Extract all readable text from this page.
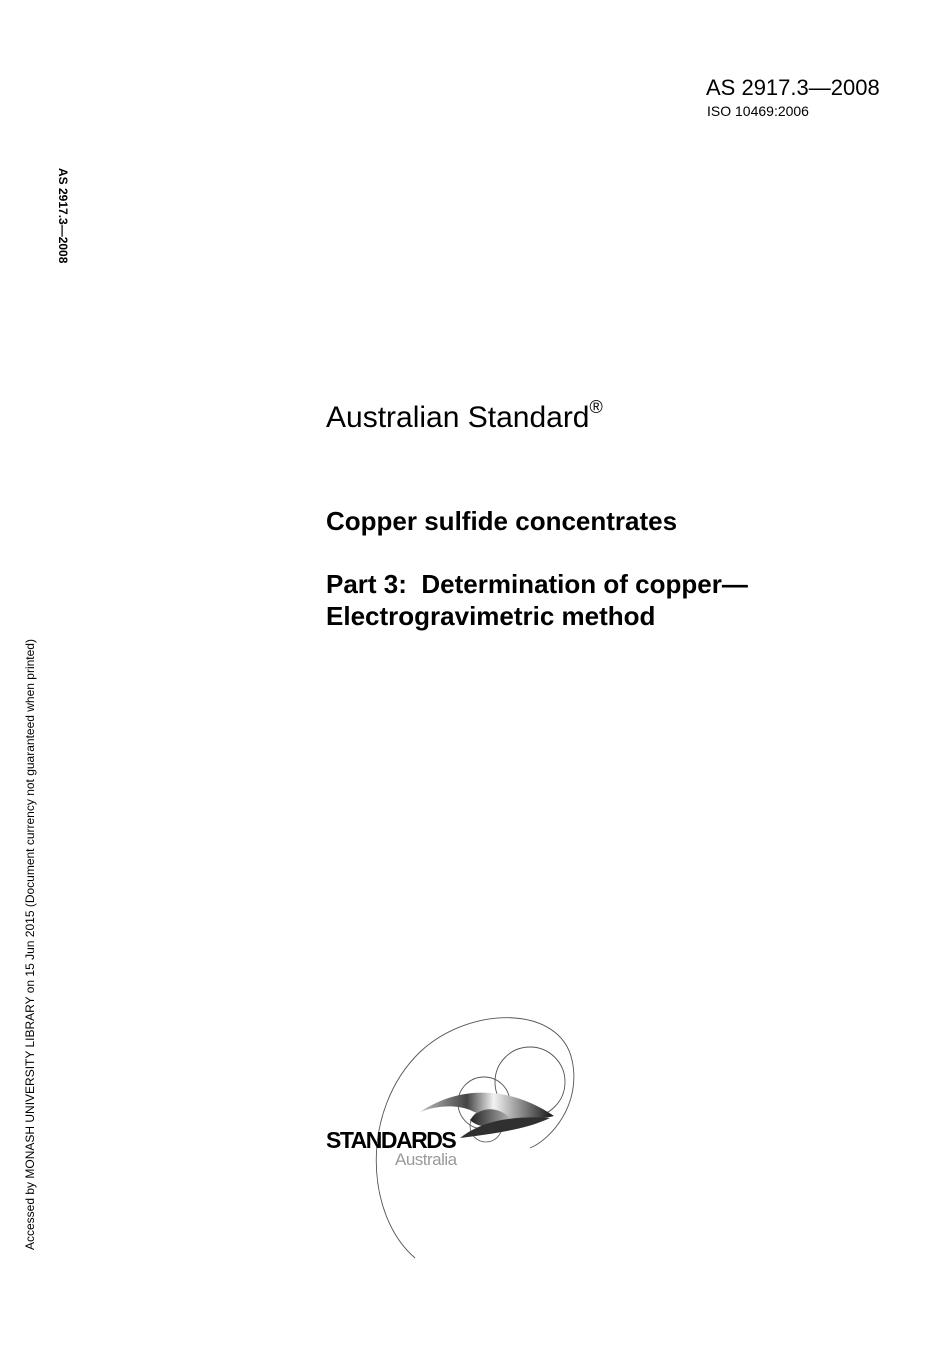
AS 2917.3—2008
ISO 10469:2006
AS 2917.3—2008
Accessed by MONASH UNIVERSITY LIBRARY on 15 Jun 2015 (Document currency not guaranteed when printed)
Australian Standard®
Copper sulfide concentrates
Part 3:  Determination of copper—
Electrogravimetric method
STANDARDS
Australia
